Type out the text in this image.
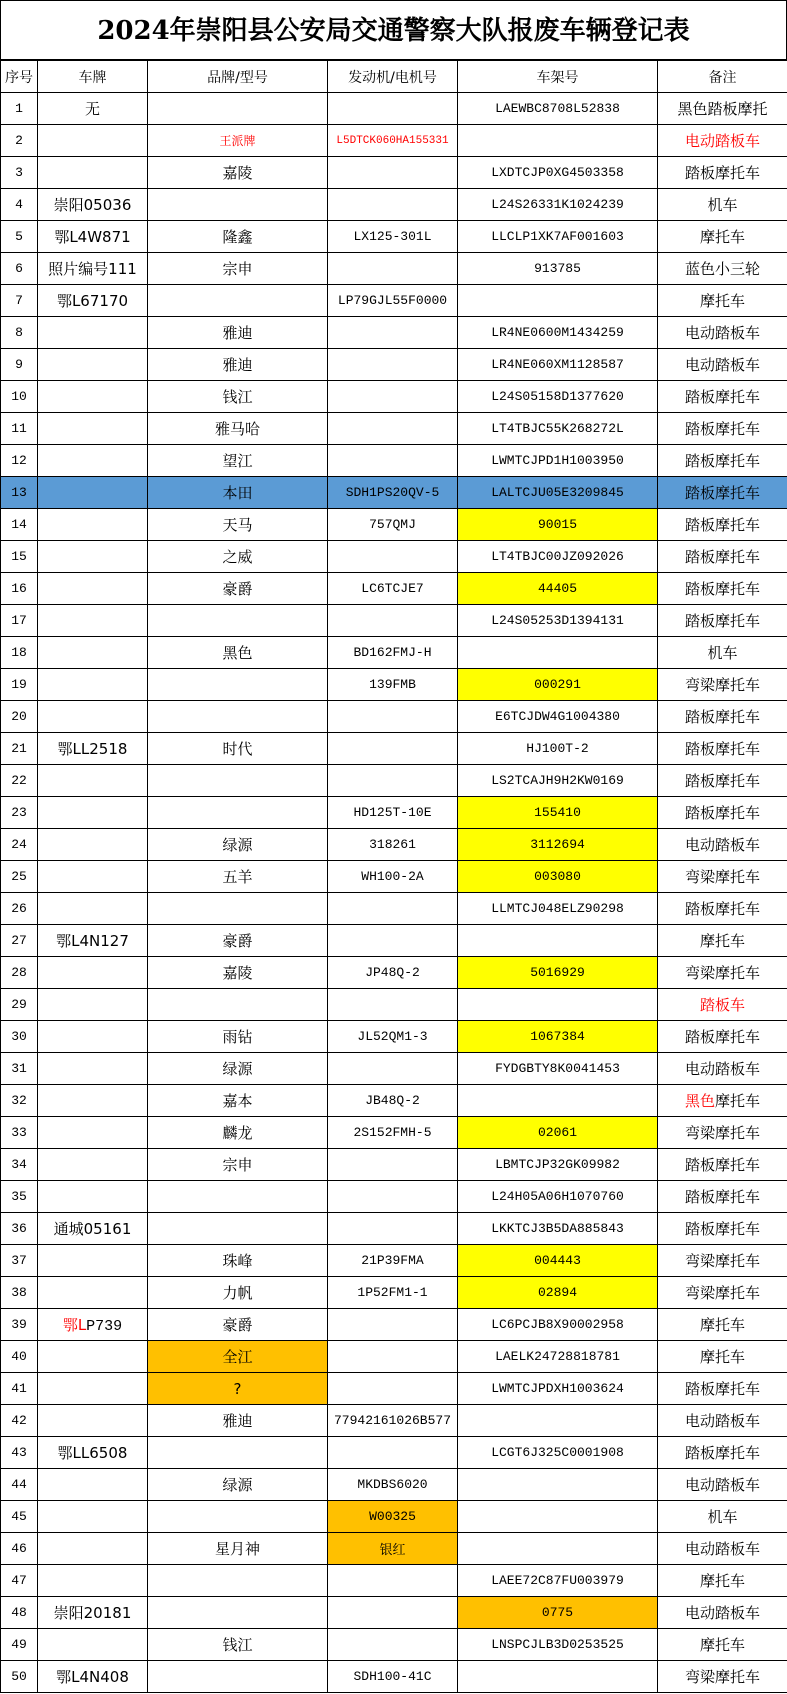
2024年崇阳县公安局交通警察大队报废车辆登记表
序号	车牌	品牌/型号	发动机/电机号	车架号	备注
1	无			LAEWBC8708L52838	黑色踏板摩托
2		王派牌	L5DTCK060HA155331		电动踏板车
3		嘉陵		LXDTCJP0XG4503358	踏板摩托车
4	崇阳05036			L24S26331K1024239	机车
5	鄂L4W871	隆鑫	LX125-301L	LLCLP1XK7AF001603	摩托车
6	照片编号111	宗申		913785	蓝色小三轮
7	鄂L67170		LP79GJL55F0000		摩托车
8		雅迪		LR4NE0600M1434259	电动踏板车
9		雅迪		LR4NE060XM1128587	电动踏板车
10		钱江		L24S05158D1377620	踏板摩托车
11		雅马哈		LT4TBJC55K268272L	踏板摩托车
12		望江		LWMTCJPD1H1003950	踏板摩托车
13		本田	SDH1PS20QV-5	LALTCJU05E3209845	踏板摩托车
14		天马	757QMJ	90015	踏板摩托车
15		之威		LT4TBJC00JZ092026	踏板摩托车
16		豪爵	LC6TCJE7	44405	踏板摩托车
17				L24S05253D1394131	踏板摩托车
18		黑色	BD162FMJ-H		机车
19			139FMB	000291	弯梁摩托车
20				E6TCJDW4G1004380	踏板摩托车
21	鄂LL2518	时代		HJ100T-2	踏板摩托车
22				LS2TCAJH9H2KW0169	踏板摩托车
23			HD125T-10E	155410	踏板摩托车
24		绿源	318261	3112694	电动踏板车
25		五羊	WH100-2A	003080	弯梁摩托车
26				LLMTCJ048ELZ90298	踏板摩托车
27	鄂L4N127	豪爵			摩托车
28		嘉陵	JP48Q-2	5016929	弯梁摩托车
29					踏板车
30		雨钻	JL52QM1-3	1067384	踏板摩托车
31		绿源		FYDGBTY8K0041453	电动踏板车
32		嘉本	JB48Q-2		黑色摩托车
33		麟龙	2S152FMH-5	02061	弯梁摩托车
34		宗申		LBMTCJP32GK09982	踏板摩托车
35				L24H05A06H1070760	踏板摩托车
36	通城05161			LKKTCJ3B5DA885843	踏板摩托车
37		珠峰	21P39FMA	004443	弯梁摩托车
38		力帆	1P52FM1-1	02894	弯梁摩托车
39	鄂LP739	豪爵		LC6PCJB8X90002958	摩托车
40		全江		LAELK24728818781	摩托车
41		?		LWMTCJPDXH1003624	踏板摩托车
42		雅迪	77942161026B577		电动踏板车
43	鄂LL6508			LCGT6J325C0001908	踏板摩托车
44		绿源	MKDBS6020		电动踏板车
45			W00325		机车
46		星月神	银红		电动踏板车
47				LAEE72C87FU003979	摩托车
48	崇阳20181			0775	电动踏板车
49		钱江		LNSPCJLB3D0253525	摩托车
50	鄂L4N408		SDH100-41C		弯梁摩托车
